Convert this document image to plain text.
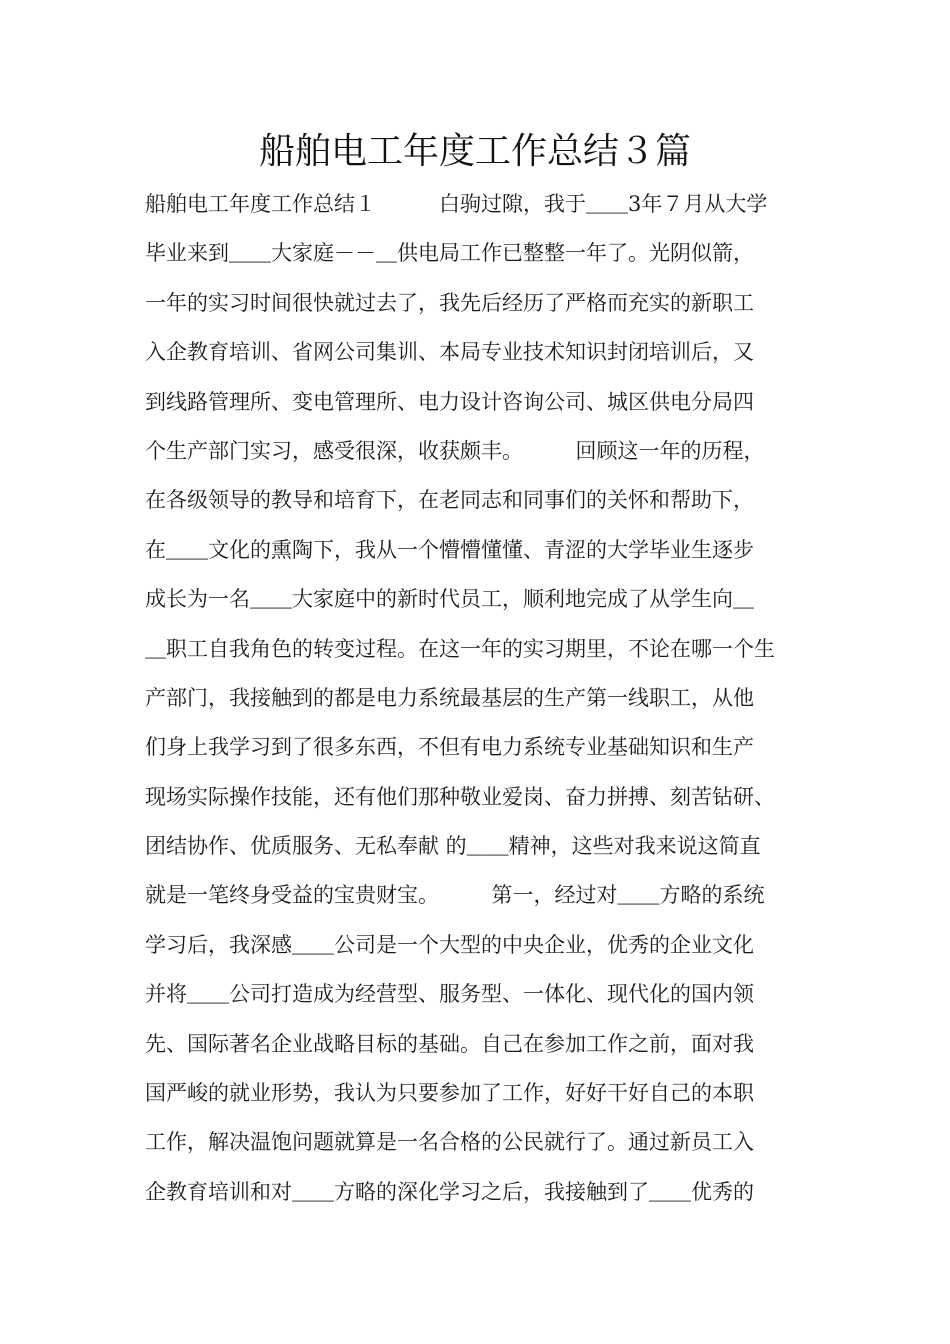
船舶电工年度工作总结３篇
船舶电工年度工作总结１　　　白驹过隙，我于＿＿3年７月从大学
毕业来到＿＿大家庭－－＿供电局工作已整整一年了。光阴似箭，
一年的实习时间很快就过去了，我先后经历了严格而充实的新职工
入企教育培训、省网公司集训、本局专业技术知识封闭培训后，又
到线路管理所、变电管理所、电力设计咨询公司、城区供电分局四
个生产部门实习，感受很深，收获颇丰。　　　回顾这一年的历程，
在各级领导的教导和培育下，在老同志和同事们的关怀和帮助下，
在＿＿文化的熏陶下，我从一个懵懵懂懂、青涩的大学毕业生逐步
成长为一名＿＿大家庭中的新时代员工，顺利地完成了从学生向＿
＿职工自我角色的转变过程。在这一年的实习期里，不论在哪一个生
产部门，我接触到的都是电力系统最基层的生产第一线职工，从他
们身上我学习到了很多东西，不但有电力系统专业基础知识和生产
现场实际操作技能，还有他们那种敬业爱岗、奋力拼搏、刻苦钻研、
团结协作、优质服务、无私奉献 的＿＿精神，这些对我来说这简直
就是一笔终身受益的宝贵财宝。　　　第一，经过对＿＿方略的系统
学习后，我深感＿＿公司是一个大型的中央企业，优秀的企业文化
并将＿＿公司打造成为经营型、服务型、一体化、现代化的国内领
先、国际著名企业战略目标的基础。自己在参加工作之前，面对我
国严峻的就业形势，我认为只要参加了工作，好好干好自己的本职
工作，解决温饱问题就算是一名合格的公民就行了。通过新员工入
企教育培训和对＿＿方略的深化学习之后，我接触到了＿＿优秀的
